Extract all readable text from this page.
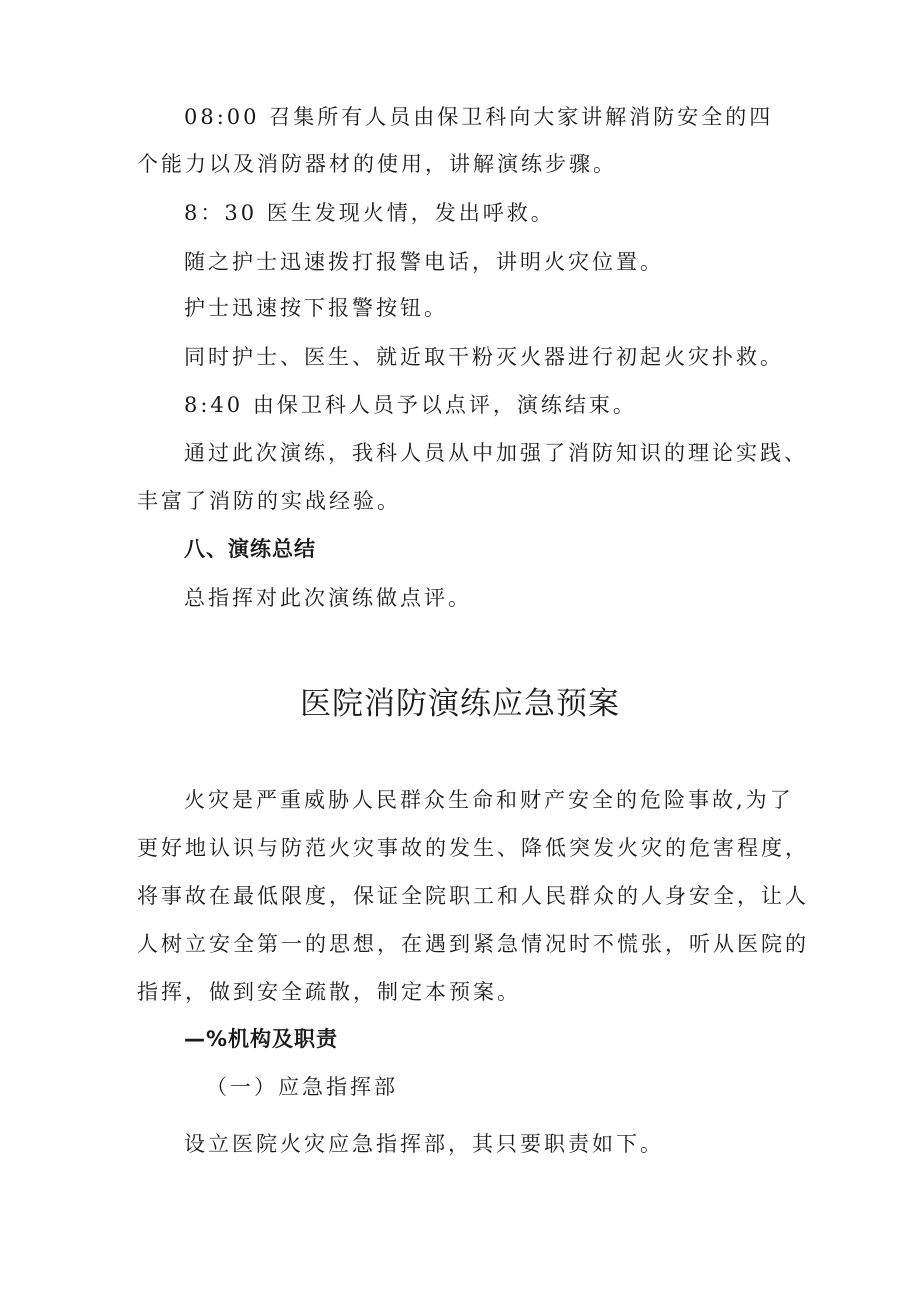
08:00 召集所有人员由保卫科向大家讲解消防安全的四
个能力以及消防器材的使用，讲解演练步骤。
8：30 医生发现火情，发出呼救。
随之护士迅速拨打报警电话，讲明火灾位置。
护士迅速按下报警按钮。
同时护士、医生、就近取干粉灭火器进行初起火灾扑救。
8:40 由保卫科人员予以点评，演练结束。
通过此次演练，我科人员从中加强了消防知识的理论实践、
丰富了消防的实战经验。
八、演练总结
总指挥对此次演练做点评。
医院消防演练应急预案
火灾是严重威胁人民群众生命和财产安全的危险事故,为了
更好地认识与防范火灾事故的发生、降低突发火灾的危害程度，
将事故在最低限度，保证全院职工和人民群众的人身安全，让人
人树立安全第一的思想，在遇到紧急情况时不慌张，听从医院的
指挥，做到安全疏散，制定本预案。
—%机构及职责
（一）应急指挥部
设立医院火灾应急指挥部，其只要职责如下。
